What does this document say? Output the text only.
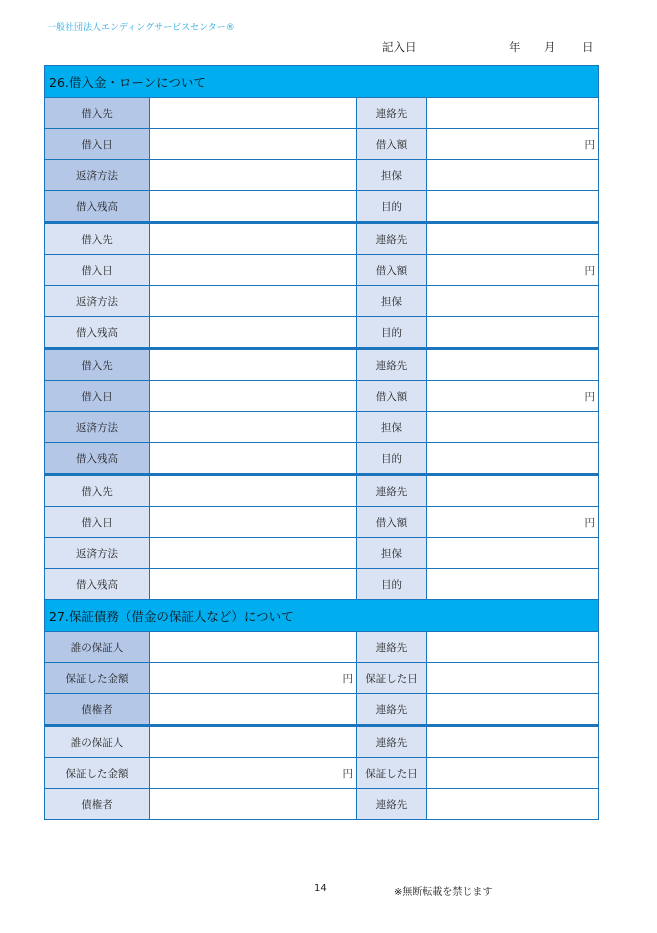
一般社団法人エンディングサービスセンター®
記入日	年 月 日
26.借入金・ローンについて			
借入先		連絡先	
借入日		借入額	円
返済方法		担保	
借入残高		目的	
借入先		連絡先	
借入日		借入額	円
返済方法		担保	
借入残高		目的	
借入先		連絡先	
借入日		借入額	円
返済方法		担保	
借入残高		目的	
借入先		連絡先	
借入日		借入額	円
返済方法		担保	
借入残高		目的	
27.保証債務（借金の保証人など）について			
誰の保証人		連絡先	
保証した金額	円	保証した日	
債権者		連絡先	
誰の保証人		連絡先	
保証した金額	円	保証した日	
債権者		連絡先	
14	※無断転載を禁じます
